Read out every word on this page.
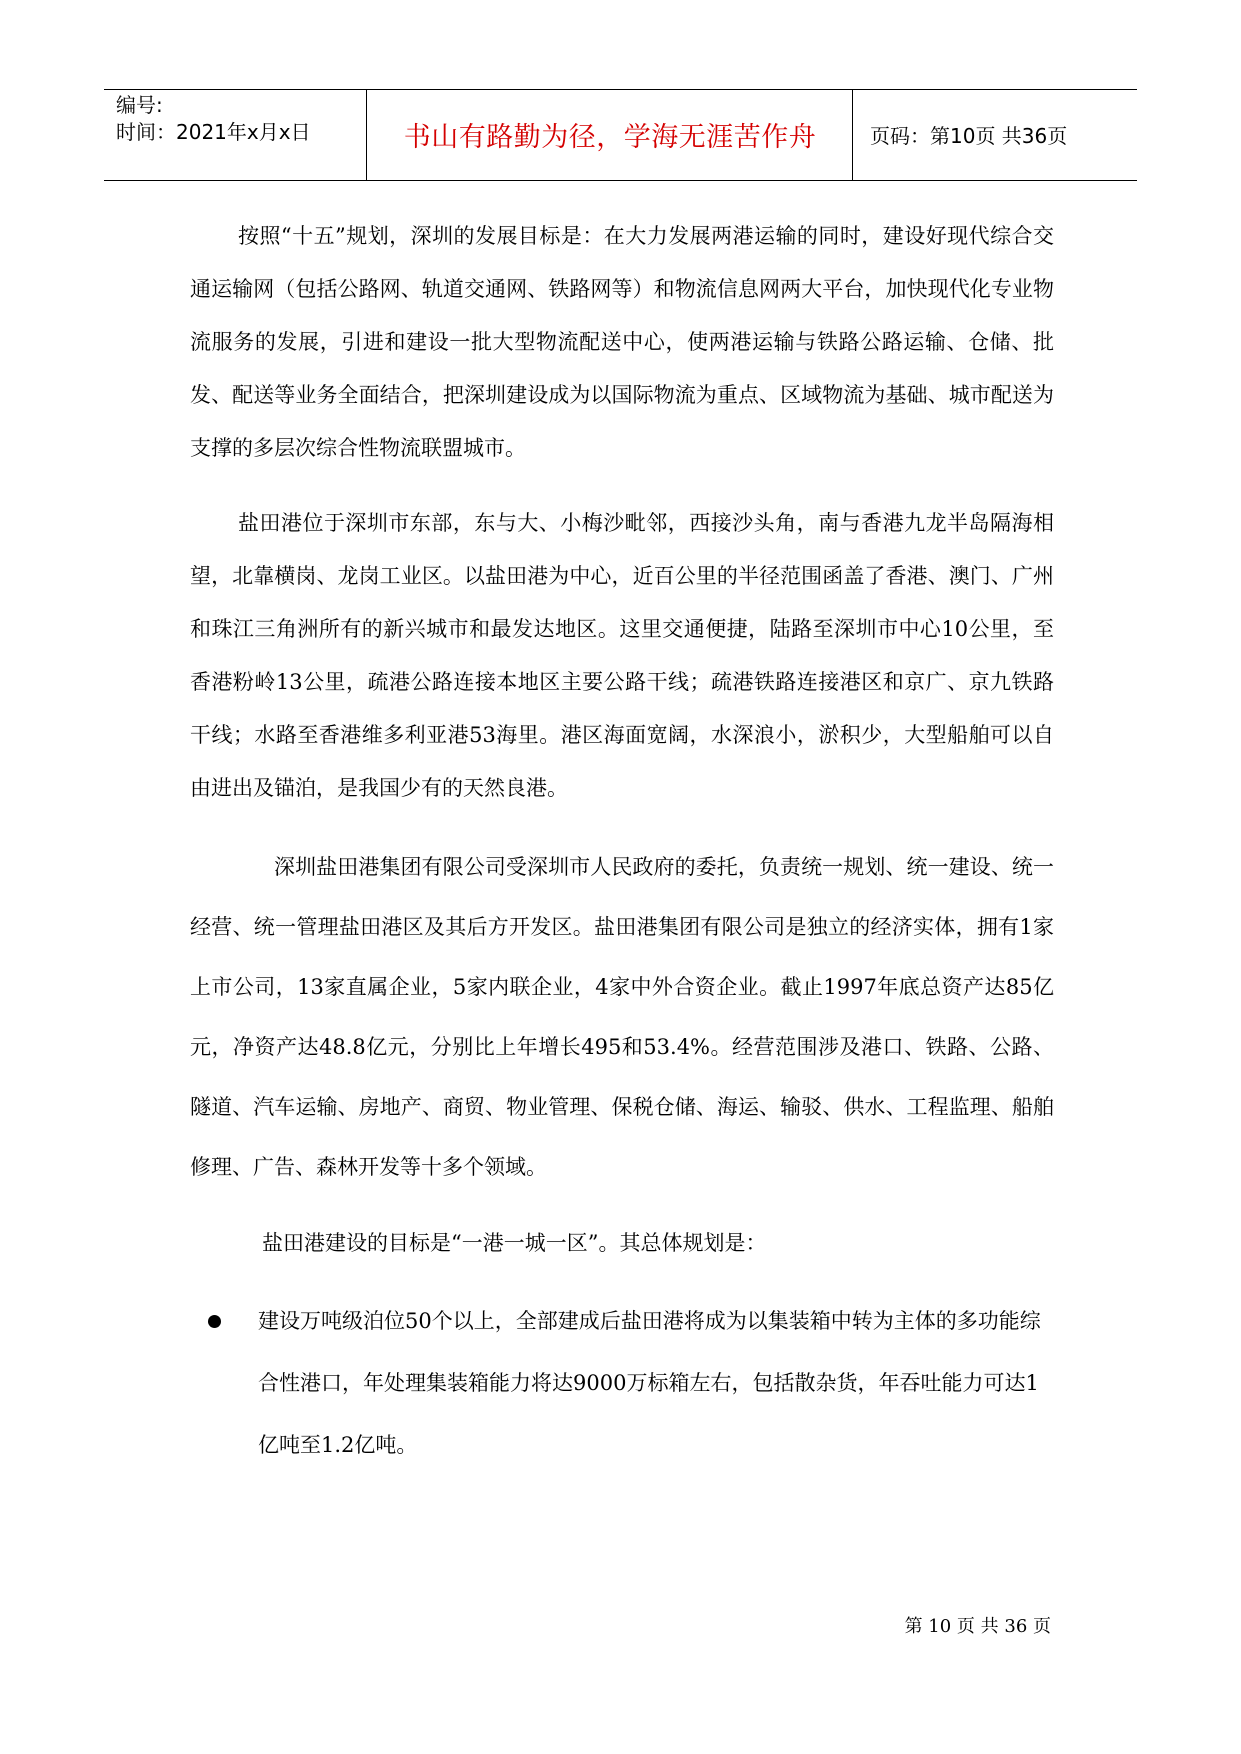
编号:
时间：2021年x月x日	书山有路勤为径，学海无涯苦作舟	页码：第10页 共36页

按照“十五”规划，深圳的发展目标是：在大力发展两港运输的同时，建设好现代综合交通运输网（包括公路网、轨道交通网、铁路网等）和物流信息网两大平台，加快现代化专业物流服务的发展，引进和建设一批大型物流配送中心，使两港运输与铁路公路运输、仓储、批发、配送等业务全面结合，把深圳建设成为以国际物流为重点、区域物流为基础、城市配送为支撑的多层次综合性物流联盟城市。

盐田港位于深圳市东部，东与大、小梅沙毗邻，西接沙头角，南与香港九龙半岛隔海相望，北靠横岗、龙岗工业区。以盐田港为中心，近百公里的半径范围函盖了香港、澳门、广州和珠江三角洲所有的新兴城市和最发达地区。这里交通便捷，陆路至深圳市中心10公里，至香港粉岭13公里，疏港公路连接本地区主要公路干线；疏港铁路连接港区和京广、京九铁路干线；水路至香港维多利亚港53海里。港区海面宽阔，水深浪小，淤积少，大型船舶可以自由进出及锚泊，是我国少有的天然良港。

深圳盐田港集团有限公司受深圳市人民政府的委托，负责统一规划、统一建设、统一经营、统一管理盐田港区及其后方开发区。盐田港集团有限公司是独立的经济实体，拥有1家上市公司，13家直属企业，5家内联企业，4家中外合资企业。截止1997年底总资产达85亿元，净资产达48.8亿元，分别比上年增长495和53.4%。经营范围涉及港口、铁路、公路、隧道、汽车运输、房地产、商贸、物业管理、保税仓储、海运、输驳、供水、工程监理、船舶修理、广告、森林开发等十多个领域。

盐田港建设的目标是“一港一城一区”。其总体规划是：

建设万吨级泊位50个以上，全部建成后盐田港将成为以集装箱中转为主体的多功能综合性港口，年处理集装箱能力将达9000万标箱左右，包括散杂货，年吞吐能力可达1亿吨至1.2亿吨。
第 10 页 共 36 页
